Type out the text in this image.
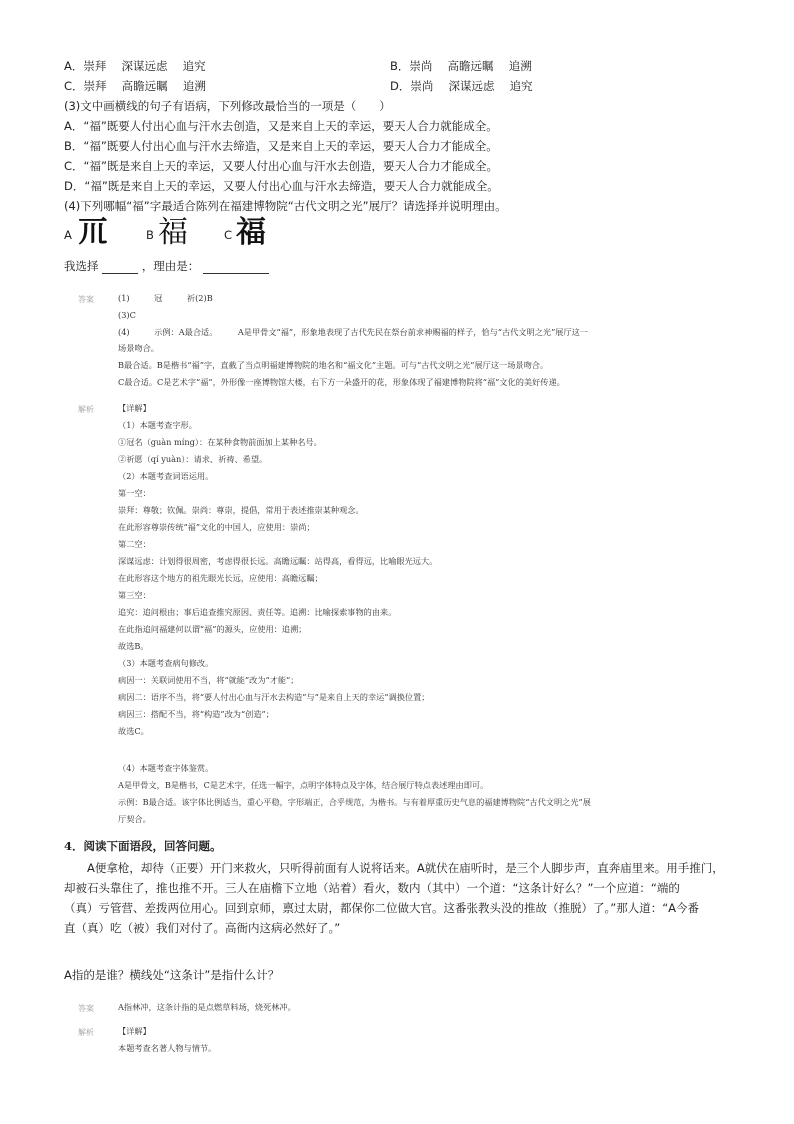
A．崇拜　 深谋远虑　 追究	B．崇尚　 高瞻远瞩　 追溯
C．崇拜　 高瞻远瞩　 追溯	D．崇尚　 深谋远虑　 追究
(3)文中画横线的句子有语病，下列修改最恰当的一项是（　　）
A．“福”既要人付出心血与汗水去创造，又是来自上天的幸运，要天人合力就能成全。
B．“福”既要人付出心血与汗水去缔造，又是来自上天的幸运，要天人合力才能成全。
C．“福”既是来自上天的幸运，又要人付出心血与汗水去创造，要天人合力才能成全。
D．“福”既是来自上天的幸运，又要人付出心血与汗水去缔造，要天人合力就能成全。
(4)下列哪幅“福”字最适合陈列在福建博物院“古代文明之光”展厅？请选择并说明理由。
A 𥘅	B 福	C 福
我选择	，理由是：
答案	(1)　　　冠　　　祈(2)B
(3)C
(4)　　　示例：A最合适。　　　A是甲骨文“福”，形象地表现了古代先民在祭台前求神赐福的样子，恰与“古代文明之光”展厅这一
场景吻合。
B最合适。B是楷书“福”字，直截了当点明福建博物院的地名和“福文化”主题。可与“古代文明之光”展厅这一场景吻合。
C最合适。C是艺术字“福”，外形像一座博物馆大楼，右下方一朵盛开的花，形象体现了福建博物院将“福”文化的美好传递。
解析	【详解】
（1）本题考查字形。
①冠名（guàn míng）：在某种食物前面加上某种名号。
②祈愿（qí yuàn）：请求、祈祷、希望。
（2）本题考查词语运用。
第一空：
崇拜：尊敬；钦佩。崇尚：尊崇，提倡，常用于表述推崇某种观念。
在此形容尊崇传统“福”文化的中国人，应使用：崇尚；
第二空：
深谋远虑：计划得很周密，考虑得很长远。高瞻远瞩：站得高，看得远，比喻眼光远大。
在此形容这个地方的祖先眼光长远，应使用：高瞻远瞩；
第三空：
追究：追问根由；事后追查推究原因、责任等。追溯：比喻探索事物的由来。
在此指追问福建何以谓“福”的源头，应使用：追溯；
故选B。
（3）本题考查病句修改。
病因一：关联词使用不当，将“就能”改为“才能”；
病因二：语序不当，将“要人付出心血与汗水去构造”与“是来自上天的幸运”调换位置；
病因三：搭配不当，将“构造”改为“创造”；
故选C。
（4）本题考查字体鉴赏。
A是甲骨文，B是楷书，C是艺术字，任选一幅字，点明字体特点及字体，结合展厅特点表述理由即可。
示例：B最合适。该字体比例适当，重心平稳，字形端正，合乎规范，为楷书。与有着厚重历史气息的福建博物院“古代文明之光”展
厅契合。
4．阅读下面语段，回答问题。
　　A便拿枪，却待（正要）开门来救火，只听得前面有人说将话来。A就伏在庙听时，是三个人脚步声，直奔庙里来。用手推门，
却被石头靠住了，推也推不开。三人在庙檐下立地（站着）看火，数内（其中）一个道：“这条计好么？”一个应道：“端的
（真）亏管营、差拨两位用心。回到京师，禀过太尉，都保你二位做大官。这番张教头没的推故（推脱）了。”那人道：“A今番
直（真）吃（被）我们对付了。高衙内这病必然好了。”
A指的是谁？横线处“这条计”是指什么计？
答案	A指林冲，这条计指的是点燃草料场，烧死林冲。
解析	【详解】
本题考查名著人物与情节。
